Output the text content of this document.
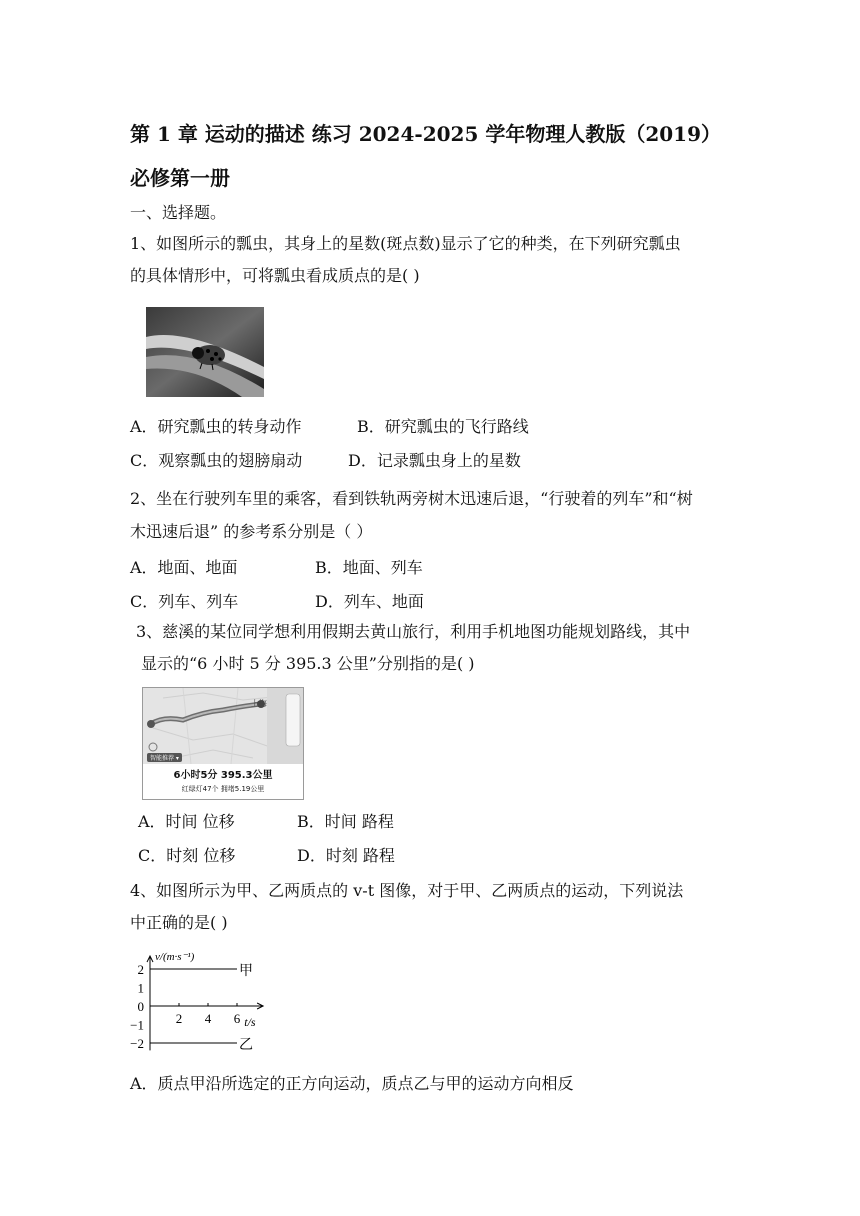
第 1 章 运动的描述 练习 2024-2025 学年物理人教版（2019）必修第一册
一、选择题。
1、如图所示的瓢虫，其身上的星数(斑点数)显示了它的种类，在下列研究瓢虫
的具体情形中，可将瓢虫看成质点的是( )
A．研究瓢虫的转身动作	B．研究瓢虫的飞行路线
C．观察瓢虫的翅膀扇动	D．记录瓢虫身上的星数
2、坐在行驶列车里的乘客，看到铁轨两旁树木迅速后退，“行驶着的列车”和“树
木迅速后退” 的参考系分别是（ ）
A．地面、地面	B．地面、列车
C．列车、列车	D．列车、地面
3、慈溪的某位同学想利用假期去黄山旅行，利用手机地图功能规划路线，其中
显示的“6 小时 5 分 395.3 公里”分别指的是( )
上海
智能推荐 ▾
6小时5分 395.3公里
红绿灯47个 拥堵5.19公里
A．时间 位移	B．时间 路程
C．时刻 位移	D．时刻 路程
4、如图所示为甲、乙两质点的 v-t 图像，对于甲、乙两质点的运动，下列说法
中正确的是( )
v/(m·s⁻¹)
t/s
2
1
0
−1
−2
2 4 6
甲
乙
A．质点甲沿所选定的正方向运动，质点乙与甲的运动方向相反
